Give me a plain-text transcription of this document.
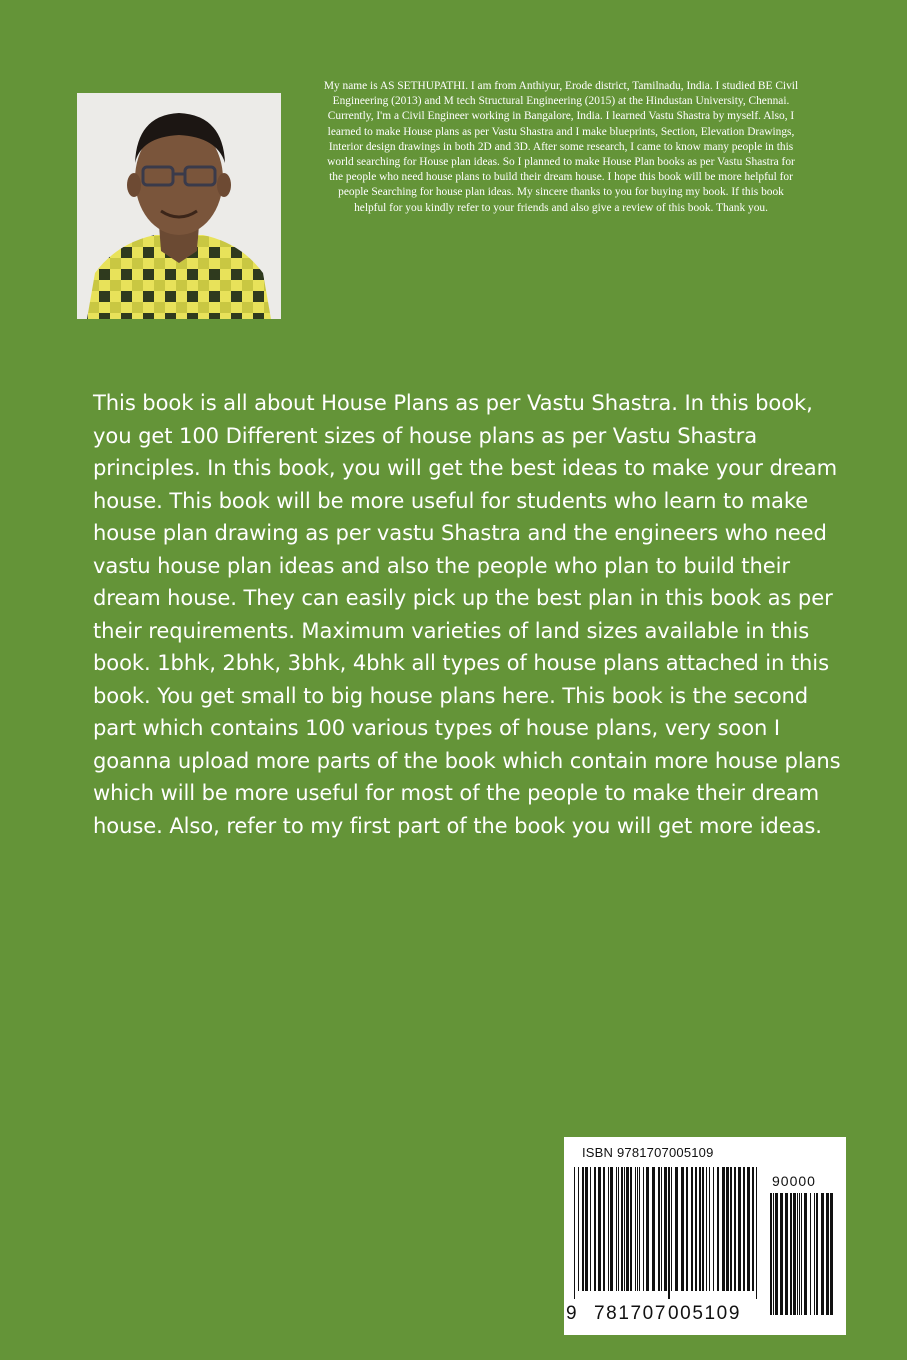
My name is AS SETHUPATHI. I am from Anthiyur, Erode district, Tamilnadu, India. I studied BE Civil Engineering (2013) and M tech Structural Engineering (2015) at the Hindustan University, Chennai. Currently, I'm a Civil Engineer working in Bangalore, India. I learned Vastu Shastra by myself. Also, I learned to make House plans as per Vastu Shastra and I make blueprints, Section, Elevation Drawings, Interior design drawings in both 2D and 3D. After some research, I came to know many people in this world searching for House plan ideas. So I planned to make House Plan books as per Vastu Shastra for the people who need house plans to build their dream house. I hope this book will be more helpful for people Searching for house plan ideas. My sincere thanks to you for buying my book. If this book helpful for you kindly refer to your friends and also give a review of this book. Thank you.

This book is all about House Plans as per Vastu Shastra. In this book, you get 100 Different sizes of house plans as per Vastu Shastra principles. In this book, you will get the best ideas to make your dream house. This book will be more useful for students who learn to make house plan drawing as per vastu Shastra and the engineers who need vastu house plan ideas and also the people who plan to build their dream house. They can easily pick up the best plan in this book as per their requirements. Maximum varieties of land sizes available in this book. 1bhk, 2bhk, 3bhk, 4bhk all types of house plans attached in this book. You get small to big house plans here. This book is the second part which contains 100 various types of house plans, very soon I goanna upload more parts of the book which contain more house plans which will be more useful for most of the people to make their dream house. Also, refer to my first part of the book you will get more ideas.

ISBN 9781707005109
90000
9 781707 005109
